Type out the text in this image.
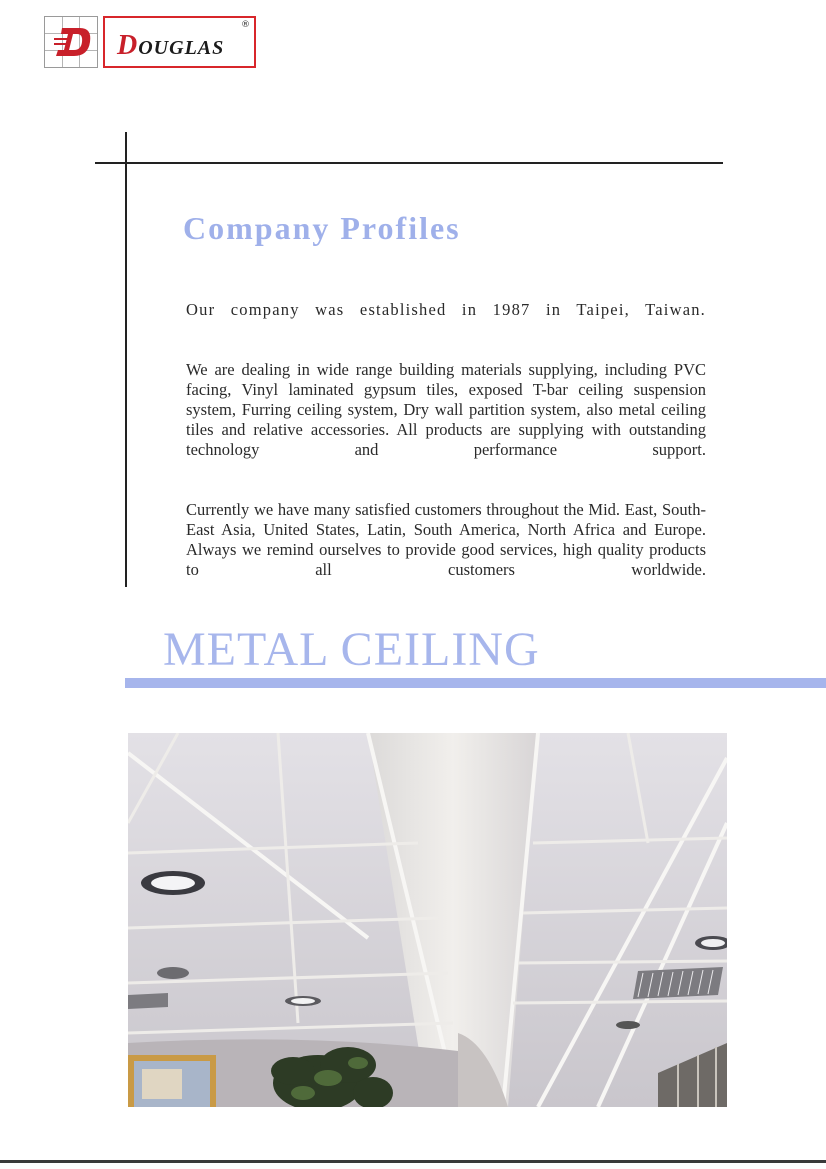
DOUGLAS
®
Company Profiles

Our company was established in 1987 in Taipei, Taiwan.

We are dealing in wide range building materials supplying, including PVC facing, Vinyl laminated gypsum tiles, exposed T-bar ceiling suspension system, Furring ceiling system, Dry wall partition system, also metal ceiling tiles and relative accessories. All products are supplying with outstanding technology and performance support.

Currently we have many satisfied customers throughout the Mid. East, South-East Asia, United States, Latin, South America, North Africa and Europe. Always we remind ourselves to provide good services, high quality products to all customers worldwide.

METAL CEILING
